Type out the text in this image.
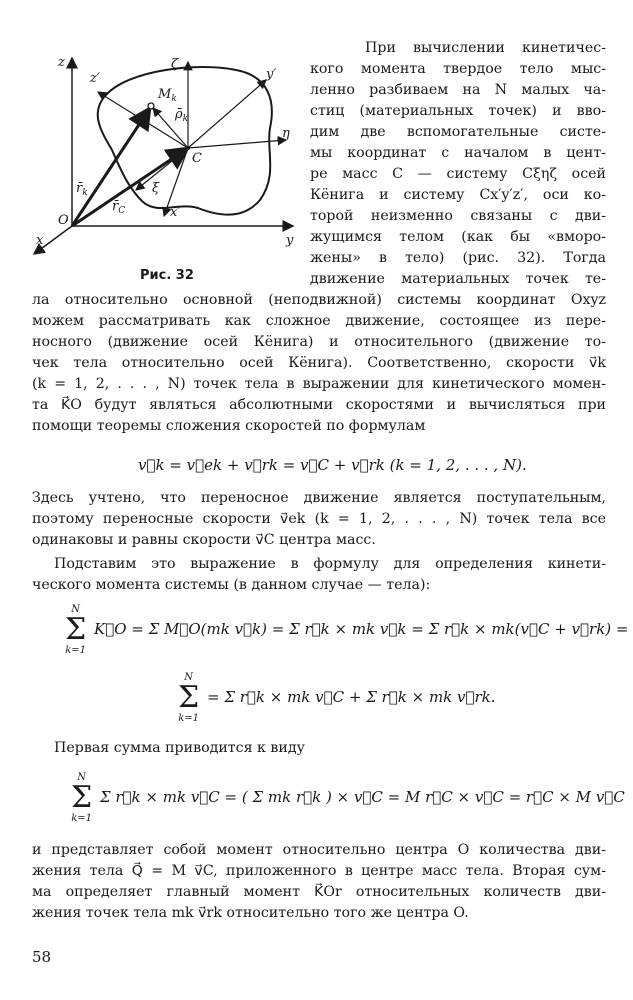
z
z′
ζ
y′
$M_k$
$\rhō_k$
η
C
$r̄_k$	ξ
$r̄_C$	x′
O
x	y
Рис. 32
При вычислении кинетичес-
кого момента твердое тело мыс-
ленно разбиваем на N малых ча-
стиц (материальных точек) и вво-
дим две вспомогательные систе-
мы координат с началом в цент-
ре масс C — систему Cξηζ осей
Кёнига и систему Cx′y′z′, оси ко-
торой неизменно связаны с дви-
жущимся телом (как бы «вморо-
жены» в тело) (рис. 32). Тогда
движение материальных точек те-
ла относительно основной (неподвижной) системы координат Oxyz
можем рассматривать как сложное движение, состоящее из пере-
носного (движение осей Кёнига) и относительного (движение то-
чек тела относительно осей Кёнига). Соответственно, скорости v⃗k
(k = 1, 2, . . . , N) точек тела в выражении для кинетического момен-
та K⃗O будут являться абсолютными скоростями и вычисляться при
помощи теоремы сложения скоростей по формулам
v⃗k = v⃗ek + v⃗rk = v⃗C + v⃗rk (k = 1, 2, . . . , N).
Здесь учтено, что переносное движение является поступательным,
поэтому переносные скорости v⃗ek (k = 1, 2, . . . , N) точек тела все
одинаковы и равны скорости v⃗C центра масс.
Подставим это выражение в формулу для определения кинети-
ческого момента системы (в данном случае — тела):
N
Σ
k=1
K⃗O = Σ M⃗O(mk v⃗k) = Σ r⃗k × mk v⃗k = Σ r⃗k × mk(v⃗C + v⃗rk) =
N
Σ
k=1
= Σ r⃗k × mk v⃗C + Σ r⃗k × mk v⃗rk.
Первая сумма приводится к виду
N
Σ
k=1
Σ r⃗k × mk v⃗C = ( Σ mk r⃗k ) × v⃗C = M r⃗C × v⃗C = r⃗C × M v⃗C
и представляет собой момент относительно центра O количества дви-
жения тела Q⃗ = M v⃗C, приложенного в центре масс тела. Вторая сум-
ма определяет главный момент K⃗Or относительных количеств дви-
жения точек тела mk v⃗rk относительно того же центра O.
58
